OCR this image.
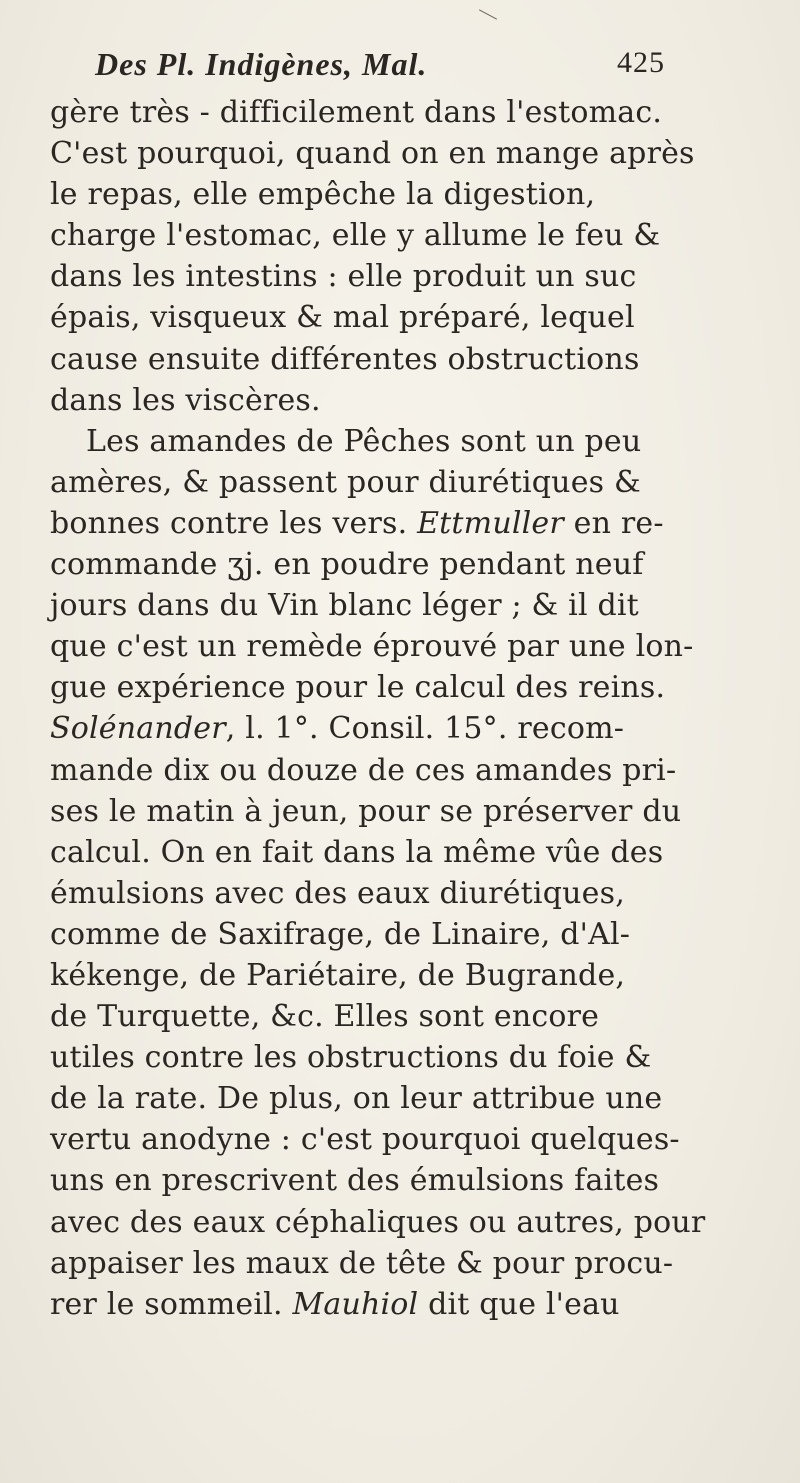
Des Pl. Indigènes, Mal.	425
gère très - difficilement dans l'estomac.
C'est pourquoi, quand on en mange après
le repas, elle empêche la digestion,
charge l'estomac, elle y allume le feu &
dans les intestins : elle produit un suc
épais, visqueux & mal préparé, lequel
cause ensuite différentes obstructions
dans les viscères.
Les amandes de Pêches sont un peu
amères, & passent pour diurétiques &
bonnes contre les vers. Ettmuller en re-
commande ʒj. en poudre pendant neuf
jours dans du Vin blanc léger ; & il dit
que c'est un remède éprouvé par une lon-
gue expérience pour le calcul des reins.
Solénander, l. 1°. Consil. 15°. recom-
mande dix ou douze de ces amandes pri-
ses le matin à jeun, pour se préserver du
calcul. On en fait dans la même vûe des
émulsions avec des eaux diurétiques,
comme de Saxifrage, de Linaire, d'Al-
kékenge, de Pariétaire, de Bugrande,
de Turquette, &c. Elles sont encore
utiles contre les obstructions du foie &
de la rate. De plus, on leur attribue une
vertu anodyne : c'est pourquoi quelques-
uns en prescrivent des émulsions faites
avec des eaux céphaliques ou autres, pour
appaiser les maux de tête & pour procu-
rer le sommeil. Mauhiol dit que l'eau
